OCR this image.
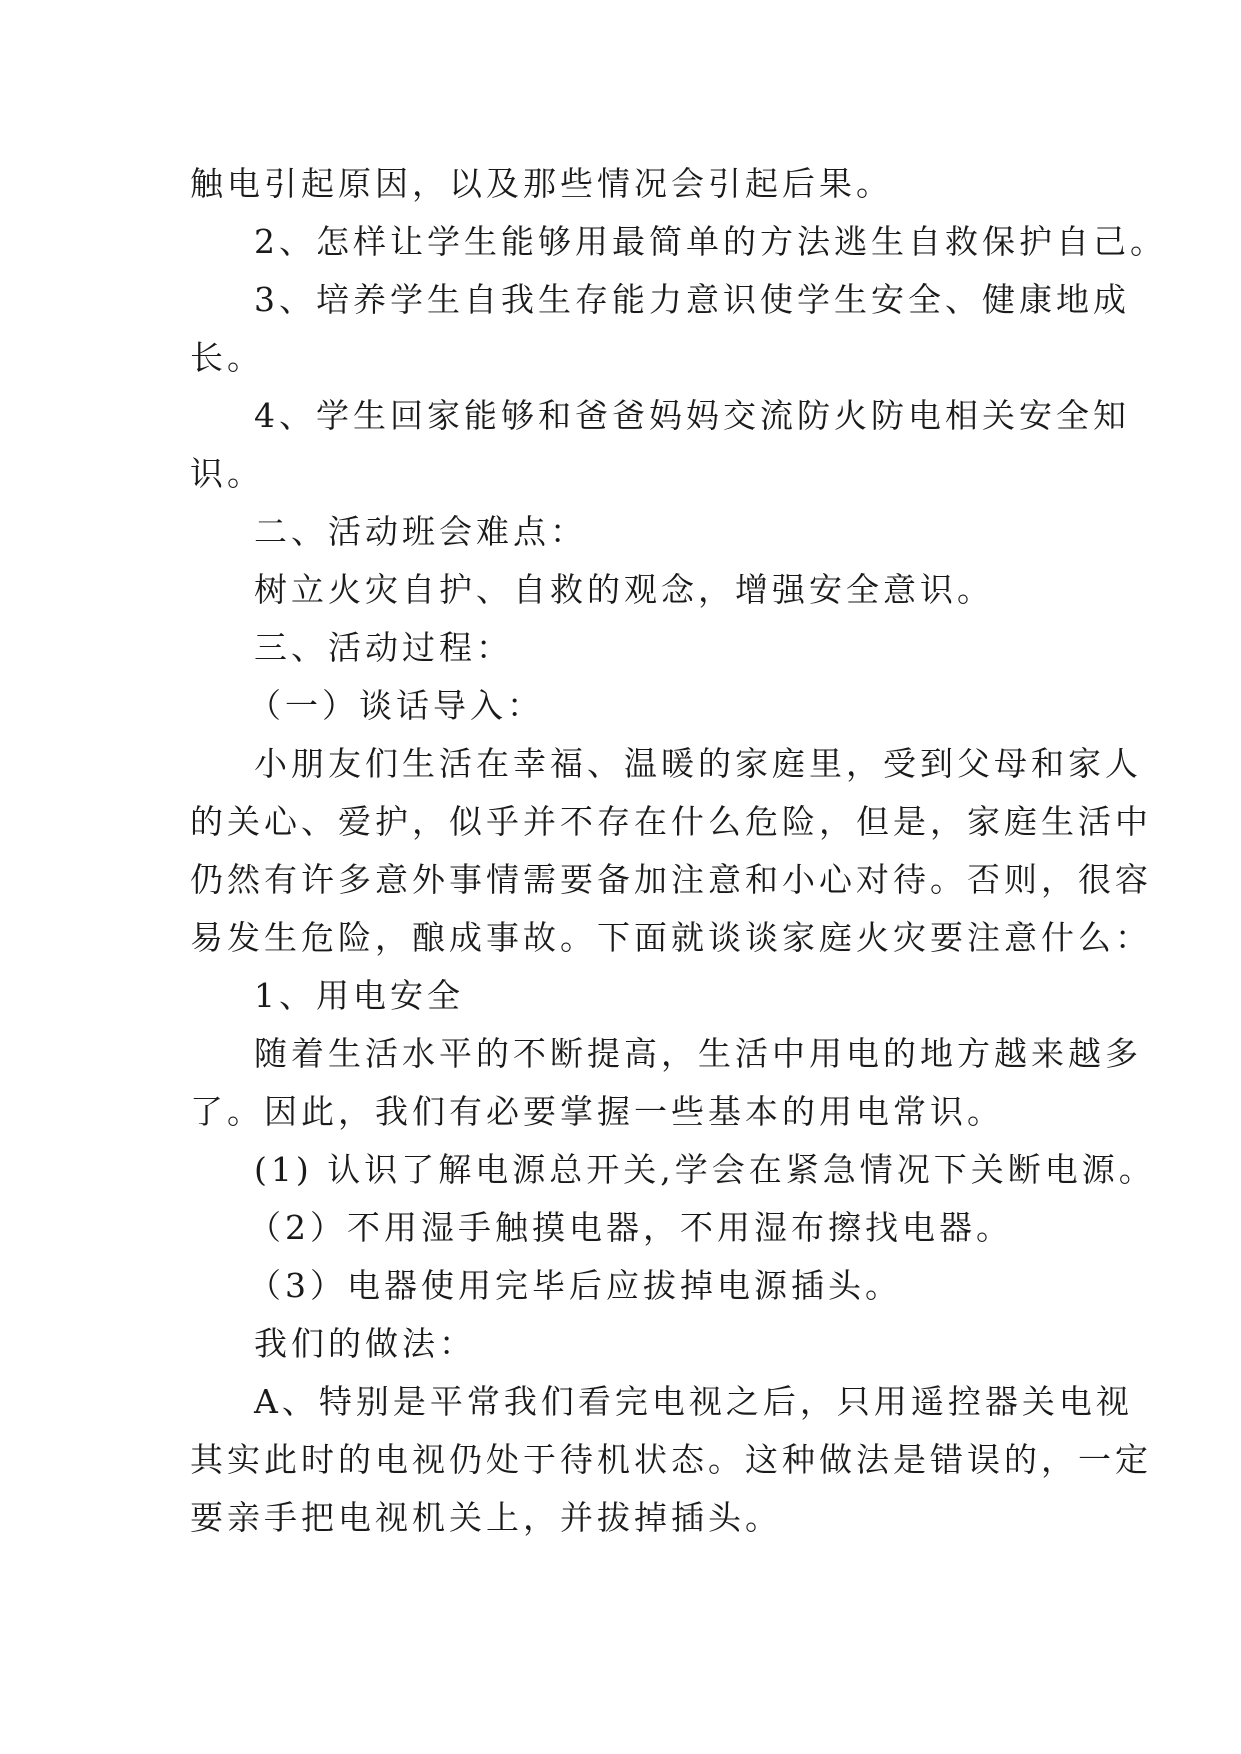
触电引起原因，以及那些情况会引起后果。
2、怎样让学生能够用最简单的方法逃生自救保护自己。
3、培养学生自我生存能力意识使学生安全、健康地成
长。
4、学生回家能够和爸爸妈妈交流防火防电相关安全知
识。
二、活动班会难点：
树立火灾自护、自救的观念，增强安全意识。
三、活动过程：
（一）谈话导入：
小朋友们生活在幸福、温暖的家庭里，受到父母和家人
的关心、爱护，似乎并不存在什么危险，但是，家庭生活中
仍然有许多意外事情需要备加注意和小心对待。否则，很容
易发生危险，酿成事故。下面就谈谈家庭火灾要注意什么：
1、用电安全
随着生活水平的不断提高，生活中用电的地方越来越多
了。因此，我们有必要掌握一些基本的用电常识。
(1) 认识了解电源总开关,学会在紧急情况下关断电源。
（2）不用湿手触摸电器，不用湿布擦找电器。
（3）电器使用完毕后应拔掉电源插头。
我们的做法：
A、特别是平常我们看完电视之后，只用遥控器关电视
其实此时的电视仍处于待机状态。这种做法是错误的，一定
要亲手把电视机关上，并拔掉插头。
